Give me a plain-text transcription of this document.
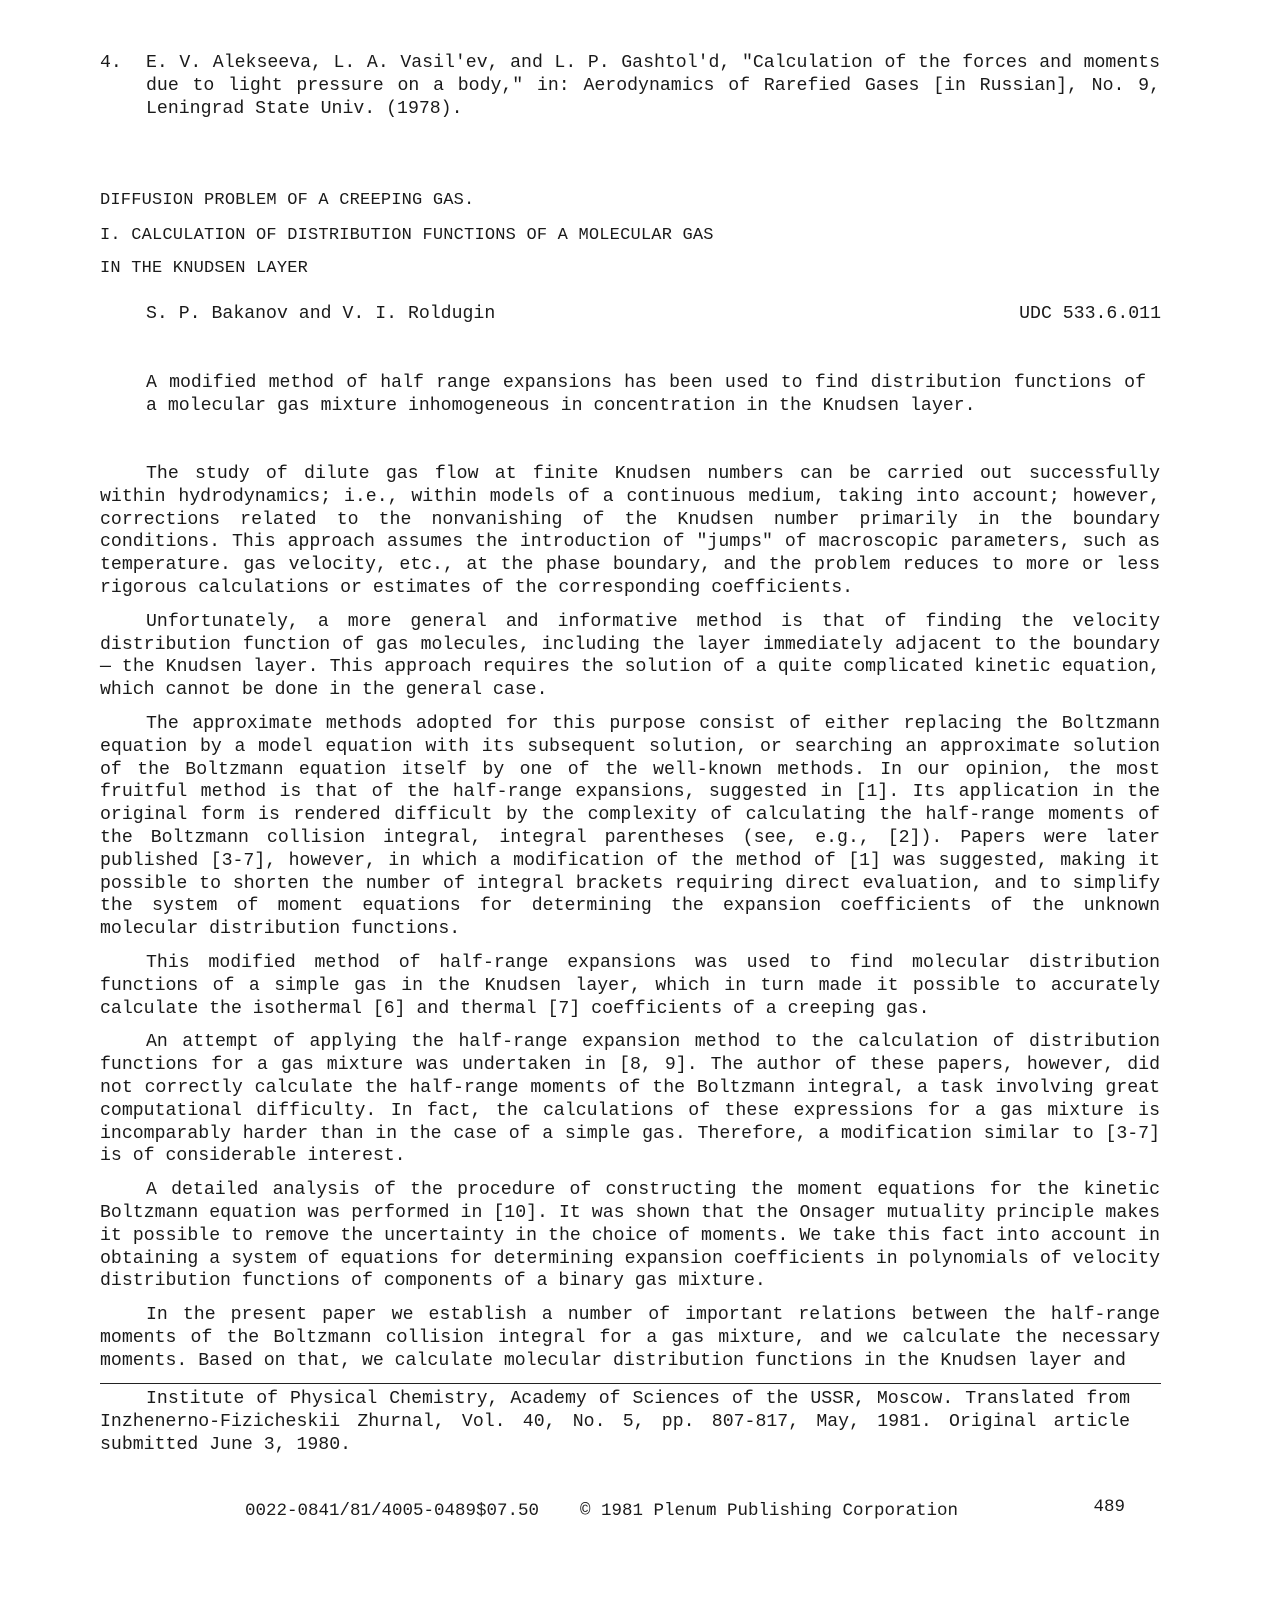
4. E. V. Alekseeva, L. A. Vasil'ev, and L. P. Gashtol'd, "Calculation of the forces and moments due to light pressure on a body," in: Aerodynamics of Rarefied Gases [in Russian], No. 9, Leningrad State Univ. (1978).
DIFFUSION PROBLEM OF A CREEPING GAS.
I. CALCULATION OF DISTRIBUTION FUNCTIONS OF A MOLECULAR GAS
IN THE KNUDSEN LAYER
S. P. Bakanov and V. I. Roldugin	UDC 533.6.011
A modified method of half range expansions has been used to find distribution functions of a molecular gas mixture inhomogeneous in concentration in the Knudsen layer.

The study of dilute gas flow at finite Knudsen numbers can be carried out successfully within hydrodynamics; i.e., within models of a continuous medium, taking into account; however, corrections related to the nonvanishing of the Knudsen number primarily in the boundary conditions. This approach assumes the introduction of "jumps" of macroscopic parameters, such as temperature. gas velocity, etc., at the phase boundary, and the problem reduces to more or less rigorous calculations or estimates of the corresponding coefficients.

Unfortunately, a more general and informative method is that of finding the velocity distribution function of gas molecules, including the layer immediately adjacent to the boundary — the Knudsen layer. This approach requires the solution of a quite complicated kinetic equation, which cannot be done in the general case.

The approximate methods adopted for this purpose consist of either replacing the Boltzmann equation by a model equation with its subsequent solution, or searching an approximate solution of the Boltzmann equation itself by one of the well-known methods. In our opinion, the most fruitful method is that of the half-range expansions, suggested in [1]. Its application in the original form is rendered difficult by the complexity of calculating the half-range moments of the Boltzmann collision integral, integral parentheses (see, e.g., [2]). Papers were later published [3-7], however, in which a modification of the method of [1] was suggested, making it possible to shorten the number of integral brackets requiring direct evaluation, and to simplify the system of moment equations for determining the expansion coefficients of the unknown molecular distribution functions.

This modified method of half-range expansions was used to find molecular distribution functions of a simple gas in the Knudsen layer, which in turn made it possible to accurately calculate the isothermal [6] and thermal [7] coefficients of a creeping gas.

An attempt of applying the half-range expansion method to the calculation of distribution functions for a gas mixture was undertaken in [8, 9]. The author of these papers, however, did not correctly calculate the half-range moments of the Boltzmann integral, a task involving great computational difficulty. In fact, the calculations of these expressions for a gas mixture is incomparably harder than in the case of a simple gas. Therefore, a modification similar to [3-7] is of considerable interest.

A detailed analysis of the procedure of constructing the moment equations for the kinetic Boltzmann equation was performed in [10]. It was shown that the Onsager mutuality principle makes it possible to remove the uncertainty in the choice of moments. We take this fact into account in obtaining a system of equations for determining expansion coefficients in polynomials of velocity distribution functions of components of a binary gas mixture.

In the present paper we establish a number of important relations between the half-range moments of the Boltzmann collision integral for a gas mixture, and we calculate the necessary moments. Based on that, we calculate molecular distribution functions in the Knudsen layer and

Institute of Physical Chemistry, Academy of Sciences of the USSR, Moscow. Translated from Inzhenerno-Fizicheskii Zhurnal, Vol. 40, No. 5, pp. 807-817, May, 1981. Original article submitted June 3, 1980.
0022-0841/81/4005-0489$07.50 © 1981 Plenum Publishing Corporation	489
